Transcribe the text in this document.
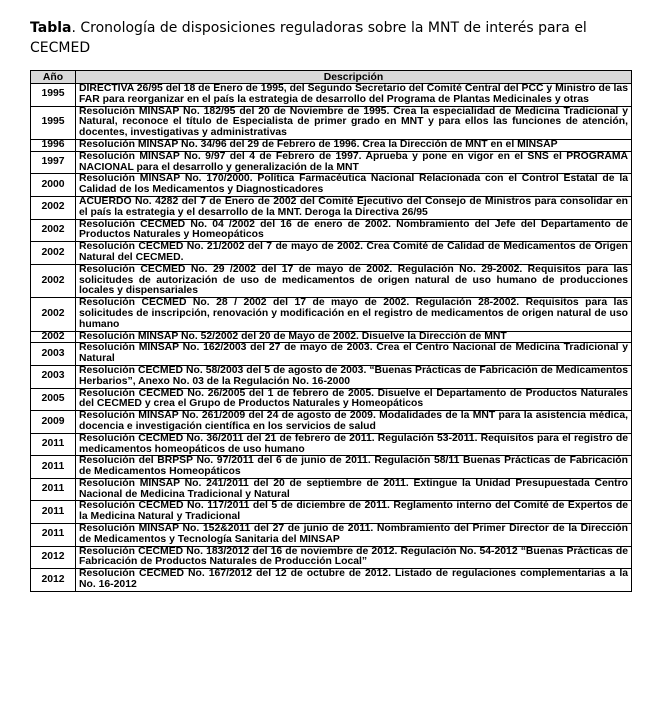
Tabla. Cronología de disposiciones reguladoras sobre la MNT de interés para el CECMED
Año	Descripción
1995	DIRECTIVA 26/95 del 18 de Enero de 1995, del Segundo Secretario del Comité Central del PCC y Ministro de las FAR para reorganizar en el país la estrategia de desarrollo del Programa de Plantas Medicinales y otras
1995	Resolución MINSAP No. 182/95 del 20 de Noviembre de 1995. Crea la especialidad de Medicina Tradicional y Natural, reconoce el título de Especialista de primer grado en MNT y para ellos las funciones de atención, docentes, investigativas y administrativas
1996	Resolución MINSAP No. 34/96 del 29 de Febrero de 1996. Crea la Dirección de MNT en el MINSAP
1997	Resolución MINSAP No. 9/97 del 4 de Febrero de 1997. Aprueba y pone en vigor en el SNS el PROGRAMA NACIONAL para el desarrollo y generalización de la MNT
2000	Resolución MINSAP No. 170/2000. Política Farmacéutica Nacional Relacionada con el Control Estatal de la Calidad de los Medicamentos y Diagnosticadores
2002	ACUERDO No. 4282 del 7 de Enero de 2002 del Comité Ejecutivo del Consejo de Ministros para consolidar en el país la estrategia y el desarrollo de la MNT. Deroga la Directiva 26/95
2002	Resolución CECMED No. 04 /2002 del 16 de enero de 2002. Nombramiento del Jefe del Departamento de Productos Naturales y Homeopáticos
2002	Resolución CECMED No. 21/2002 del 7 de mayo de 2002. Crea Comité de Calidad de Medicamentos de Origen Natural del CECMED.
2002	Resolución CECMED No. 29 /2002 del 17 de mayo de 2002. Regulación No. 29-2002. Requisitos para las solicitudes de autorización de uso de medicamentos de origen natural de uso humano de producciones locales y dispensariales
2002	Resolución CECMED No. 28 / 2002 del 17 de mayo de 2002. Regulación 28-2002. Requisitos para las solicitudes de inscripción, renovación y modificación en el registro de medicamentos de origen natural de uso humano
2002	Resolución MINSAP No. 52/2002 del 20 de Mayo de 2002. Disuelve la Dirección de MNT
2003	Resolución MINSAP No. 162/2003 del 27 de mayo de 2003. Crea el Centro Nacional de Medicina Tradicional y Natural
2003	Resolución CECMED No. 58/2003 del 5 de agosto de 2003. “Buenas Prácticas de Fabricación de Medicamentos Herbarios”, Anexo No. 03 de la Regulación No. 16-2000
2005	Resolución CECMED No. 26/2005 del 1 de febrero de 2005. Disuelve el Departamento de Productos Naturales del CECMED y crea el Grupo de Productos Naturales y Homeopáticos
2009	Resolución MINSAP No. 261/2009 del 24 de agosto de 2009. Modalidades de la MNT para la asistencia médica, docencia e investigación científica en los servicios de salud
2011	Resolución CECMED No. 36/2011 del 21 de febrero de 2011. Regulación 53-2011. Requisitos para el registro de medicamentos homeopáticos de uso humano
2011	Resolución del BRPSP No. 97/2011 del 6 de junio de 2011. Regulación 58/11 Buenas Prácticas de Fabricación de Medicamentos Homeopáticos
2011	Resolución MINSAP No. 241/2011 del 20 de septiembre de 2011. Extingue la Unidad Presupuestada Centro Nacional de Medicina Tradicional y Natural
2011	Resolución CECMED No. 117/2011 del 5 de diciembre de 2011. Reglamento interno del Comité de Expertos de la Medicina Natural y Tradicional
2011	Resolución MINSAP No. 152&2011 del 27 de junio de 2011. Nombramiento del Primer Director de la Dirección de Medicamentos y Tecnología Sanitaria del MINSAP
2012	Resolución CECMED No. 183/2012 del 16 de noviembre de 2012. Regulación No. 54-2012 “Buenas Prácticas de Fabricación de Productos Naturales de Producción Local”
2012	Resolución CECMED No. 167/2012 del 12 de octubre de 2012. Listado de regulaciones complementarias a la No. 16-2012
